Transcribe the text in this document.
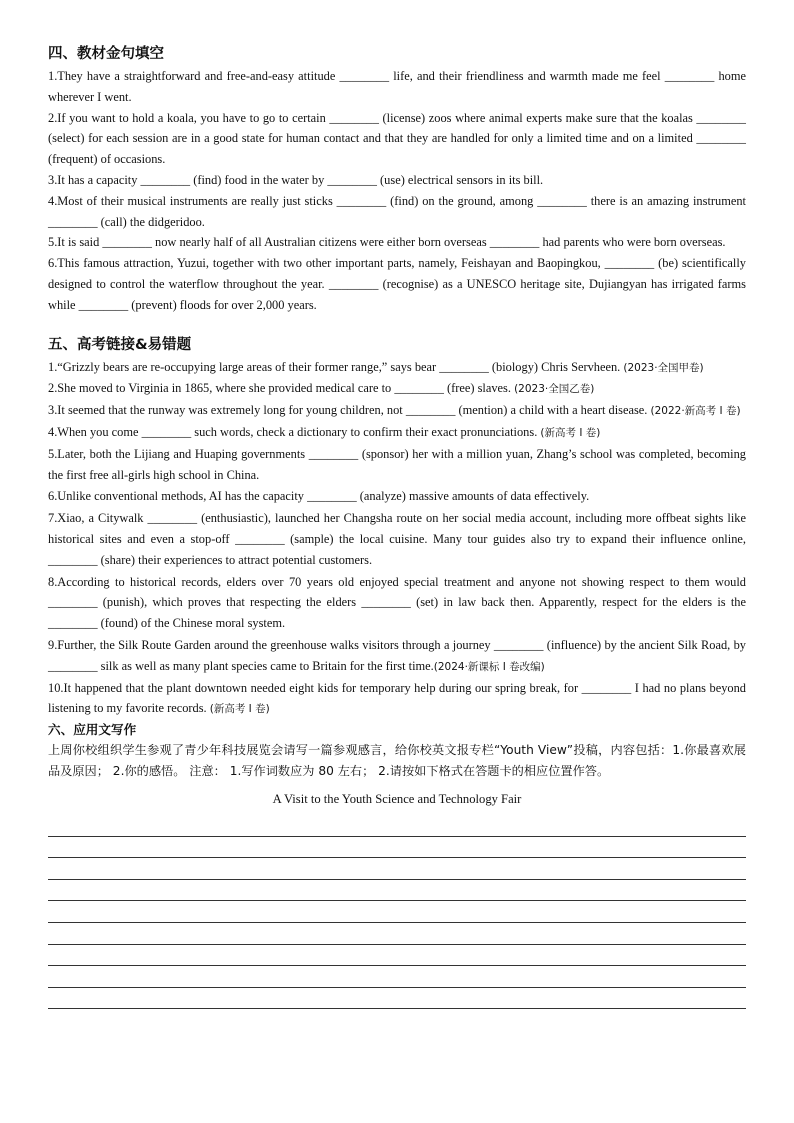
四、教材金句填空

1.They have a straightforward and free-and-easy attitude ________ life, and their friendliness and warmth made me feel ________ home wherever I went.

2.If you want to hold a koala, you have to go to certain ________ (license) zoos where animal experts make sure that the koalas ________ (select) for each session are in a good state for human contact and that they are handled for only a limited time and on a limited ________ (frequent) of occasions.

3.It has a capacity ________ (find) food in the water by ________ (use) electrical sensors in its bill.

4.Most of their musical instruments are really just sticks ________ (find) on the ground, among ________ there is an amazing instrument ________ (call) the didgeridoo.

5.It is said ________ now nearly half of all Australian citizens were either born overseas ________ had parents who were born overseas.

6.This famous attraction, Yuzui, together with two other important parts, namely, Feishayan and Baopingkou, ________ (be) scientifically designed to control the waterflow throughout the year. ________ (recognise) as a UNESCO heritage site, Dujiangyan has irrigated farms while ________ (prevent) floods for over 2,000 years.

五、高考链接&易错题

1.“Grizzly bears are re-occupying large areas of their former range,” says bear ________ (biology) Chris Servheen. (2023·全国甲卷)

2.She moved to Virginia in 1865, where she provided medical care to ________ (free) slaves. (2023·全国乙卷)

3.It seemed that the runway was extremely long for young children, not ________ (mention) a child with a heart disease. (2022·新高考 I 卷)

4.When you come ________ such words, check a dictionary to confirm their exact pronunciations. (新高考 I 卷)

5.Later, both the Lijiang and Huaping governments ________ (sponsor) her with a million yuan, Zhang’s school was completed, becoming the first free all-girls high school in China.

6.Unlike conventional methods, AI has the capacity ________ (analyze) massive amounts of data effectively.

7.Xiao, a Citywalk ________ (enthusiastic), launched her Changsha route on her social media account, including more offbeat sights like historical sites and even a stop-off ________ (sample) the local cuisine. Many tour guides also try to expand their influence online, ________ (share) their experiences to attract potential customers.

8.According to historical records, elders over 70 years old enjoyed special treatment and anyone not showing respect to them would ________ (punish), which proves that respecting the elders ________ (set) in law back then. Apparently, respect for the elders is the ________ (found) of the Chinese moral system.

9.Further, the Silk Route Garden around the greenhouse walks visitors through a journey ________ (influence) by the ancient Silk Road, by ________ silk as well as many plant species came to Britain for the first time.(2024·新课标 I 卷改编)

10.It happened that the plant downtown needed eight kids for temporary help during our spring break, for ________ I had no plans beyond listening to my favorite records. (新高考 I 卷)

六、应用文写作

上周你校组织学生参观了青少年科技展览会请写一篇参观感言，给你校英文报专栏“Youth View”投稿，内容包括：1.你最喜欢展品及原因； 2.你的感悟。 注意： 1.写作词数应为 80 左右； 2.请按如下格式在答题卡的相应位置作答。

A Visit to the Youth Science and Technology Fair
